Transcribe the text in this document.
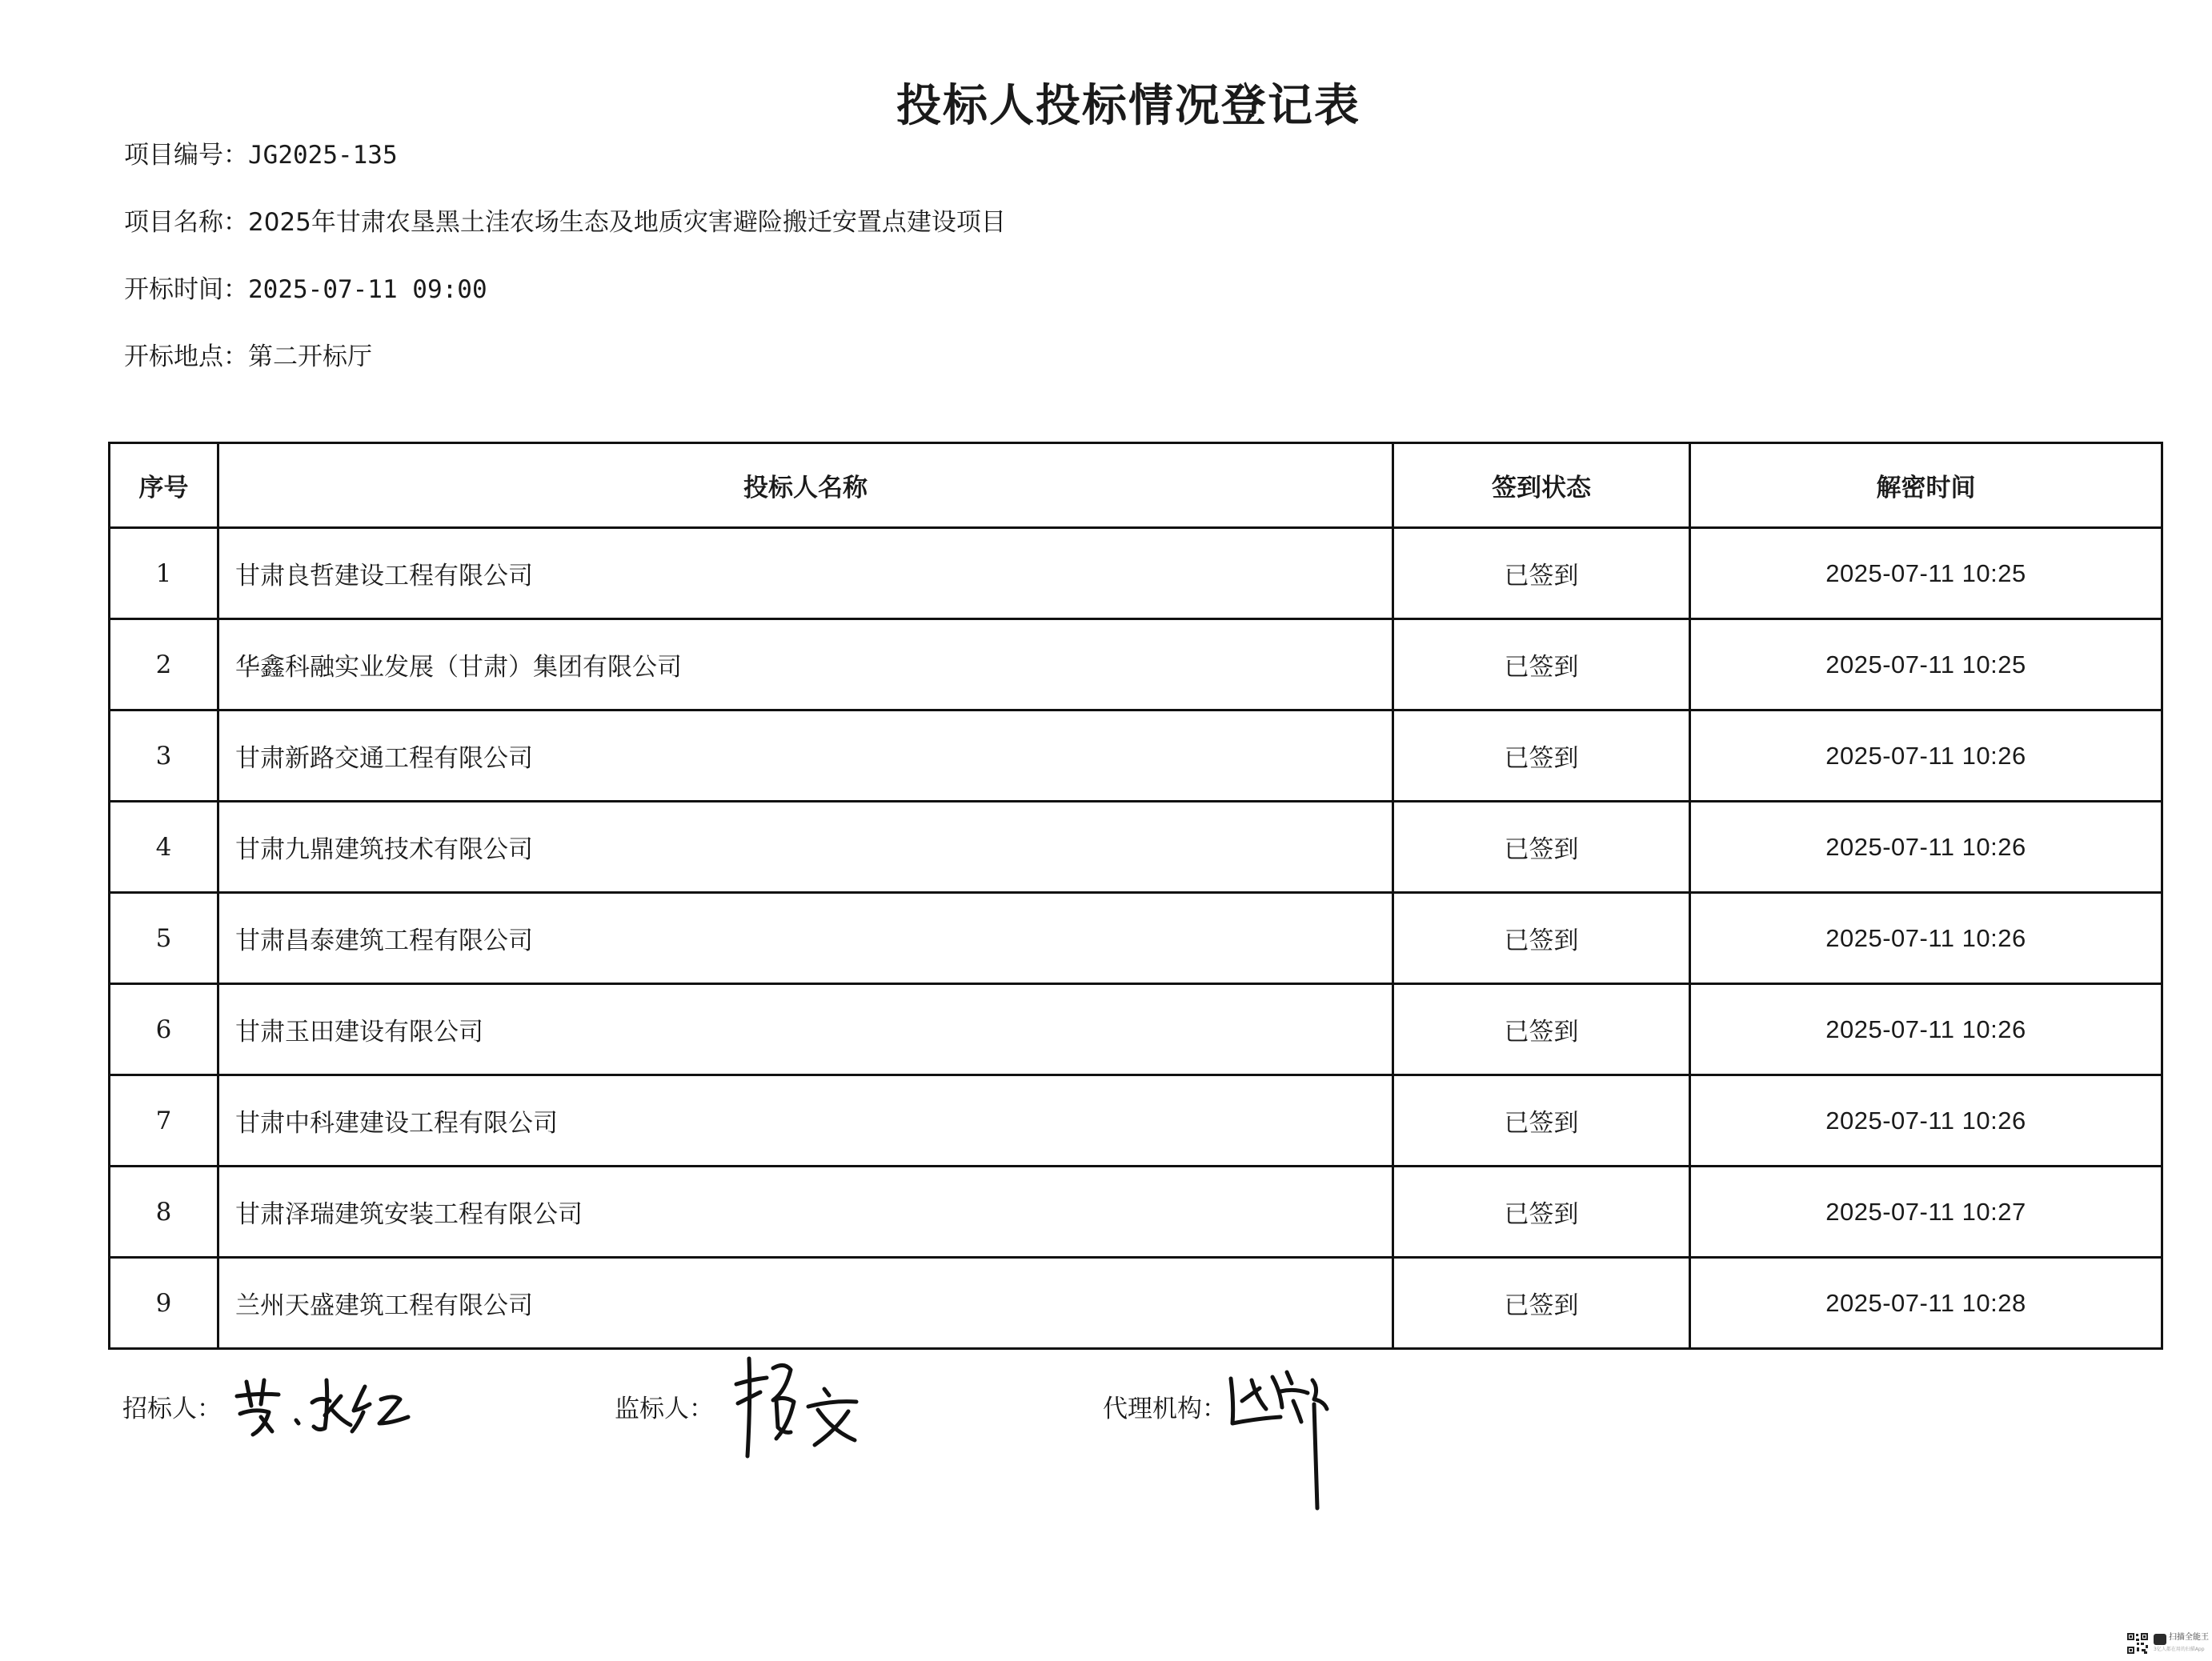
投标人投标情况登记表
项目编号：JG2025-135
项目名称：2025年甘肃农垦黑土洼农场生态及地质灾害避险搬迁安置点建设项目
开标时间：2025-07-11 09:00
开标地点：第二开标厅
序号	投标人名称	签到状态	解密时间
1	甘肃良哲建设工程有限公司	已签到	2025-07-11 10:25
2	华鑫科融实业发展（甘肃）集团有限公司	已签到	2025-07-11 10:25
3	甘肃新路交通工程有限公司	已签到	2025-07-11 10:26
4	甘肃九鼎建筑技术有限公司	已签到	2025-07-11 10:26
5	甘肃昌泰建筑工程有限公司	已签到	2025-07-11 10:26
6	甘肃玉田建设有限公司	已签到	2025-07-11 10:26
7	甘肃中科建建设工程有限公司	已签到	2025-07-11 10:26
8	甘肃泽瑞建筑安装工程有限公司	已签到	2025-07-11 10:27
9	兰州天盛建筑工程有限公司	已签到	2025-07-11 10:28
招标人：	监标人：	代理机构：
扫描全能王
3亿人都在用的扫描App
